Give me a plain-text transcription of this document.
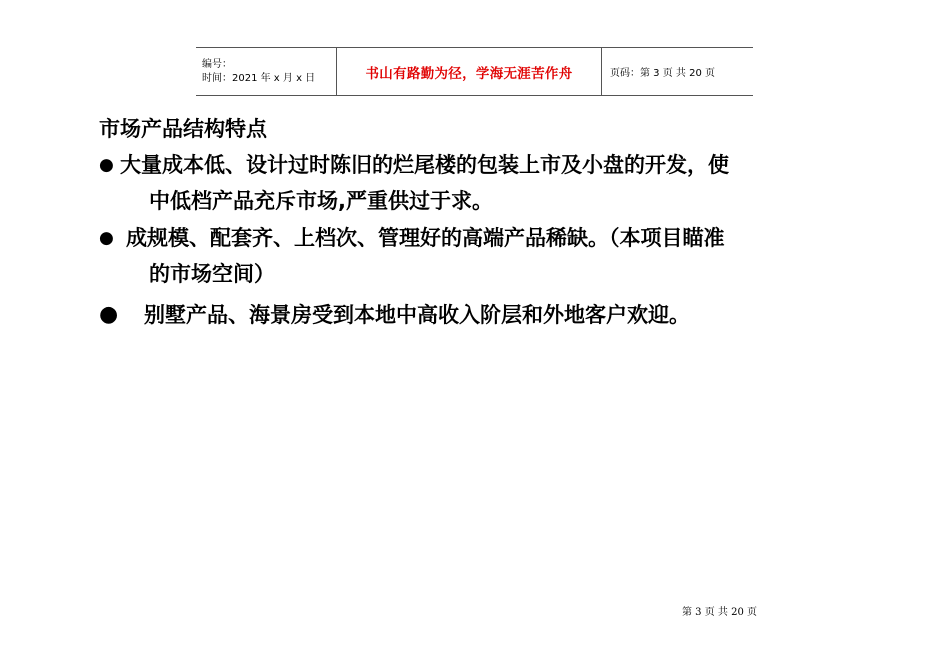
编号：
时间：2021 年 x 月 x 日	书山有路勤为径，学海无涯苦作舟	页码：第 3 页 共 20 页
市场产品结构特点
● 大量成本低、设计过时陈旧的烂尾楼的包装上市及小盘的开发，使
中低档产品充斥市场,严重供过于求。
● 成规模、配套齐、上档次、管理好的高端产品稀缺。（本项目瞄准
的市场空间）
●	别墅产品、海景房受到本地中高收入阶层和外地客户欢迎。
第 3 页 共 20 页
